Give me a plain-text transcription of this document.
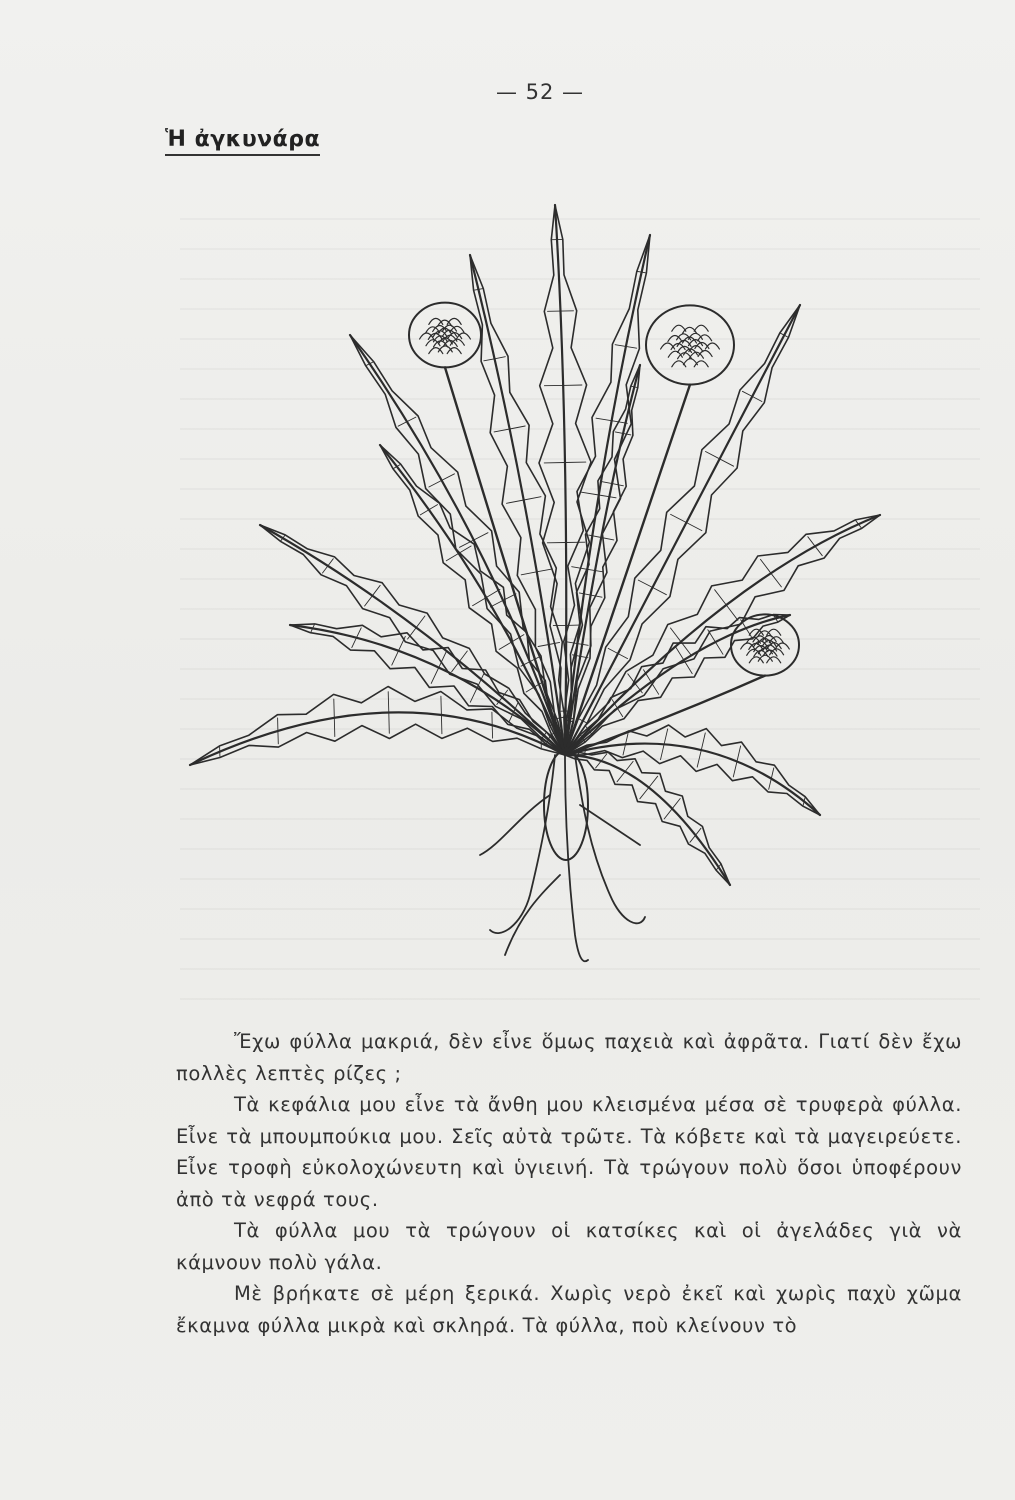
— 52 —
Ἡ ἀγκυνάρα

Ἔχω φύλλα μακριά, δὲν εἶνε ὅμως παχειὰ καὶ ἀφρᾶτα. Γιατί δὲν ἔχω πολλὲς λεπτὲς ρίζες ;

Τὰ κεφάλια μου εἶνε τὰ ἄνθη μου κλεισμένα μέσα σὲ τρυφερὰ φύλλα. Εἶνε τὰ μπουμπούκια μου. Σεῖς αὐτὰ τρῶτε. Τὰ κόβετε καὶ τὰ μαγειρεύετε. Εἶνε τροφὴ εὐκολοχώνευτη καὶ ὑγιεινή. Τὰ τρώγουν πολὺ ὅσοι ὑποφέρουν ἀπὸ τὰ νεφρά τους.

Τὰ φύλλα μου τὰ τρώγουν οἱ κατσίκες καὶ οἱ ἀγελάδες γιὰ νὰ κάμνουν πολὺ γάλα.

Μὲ βρήκατε σὲ μέρη ξερικά. Χωρὶς νερὸ ἐκεῖ καὶ χωρὶς παχὺ χῶμα ἔκαμνα φύλλα μικρὰ καὶ σκληρά. Τὰ φύλλα, ποὺ κλείνουν τὸ
